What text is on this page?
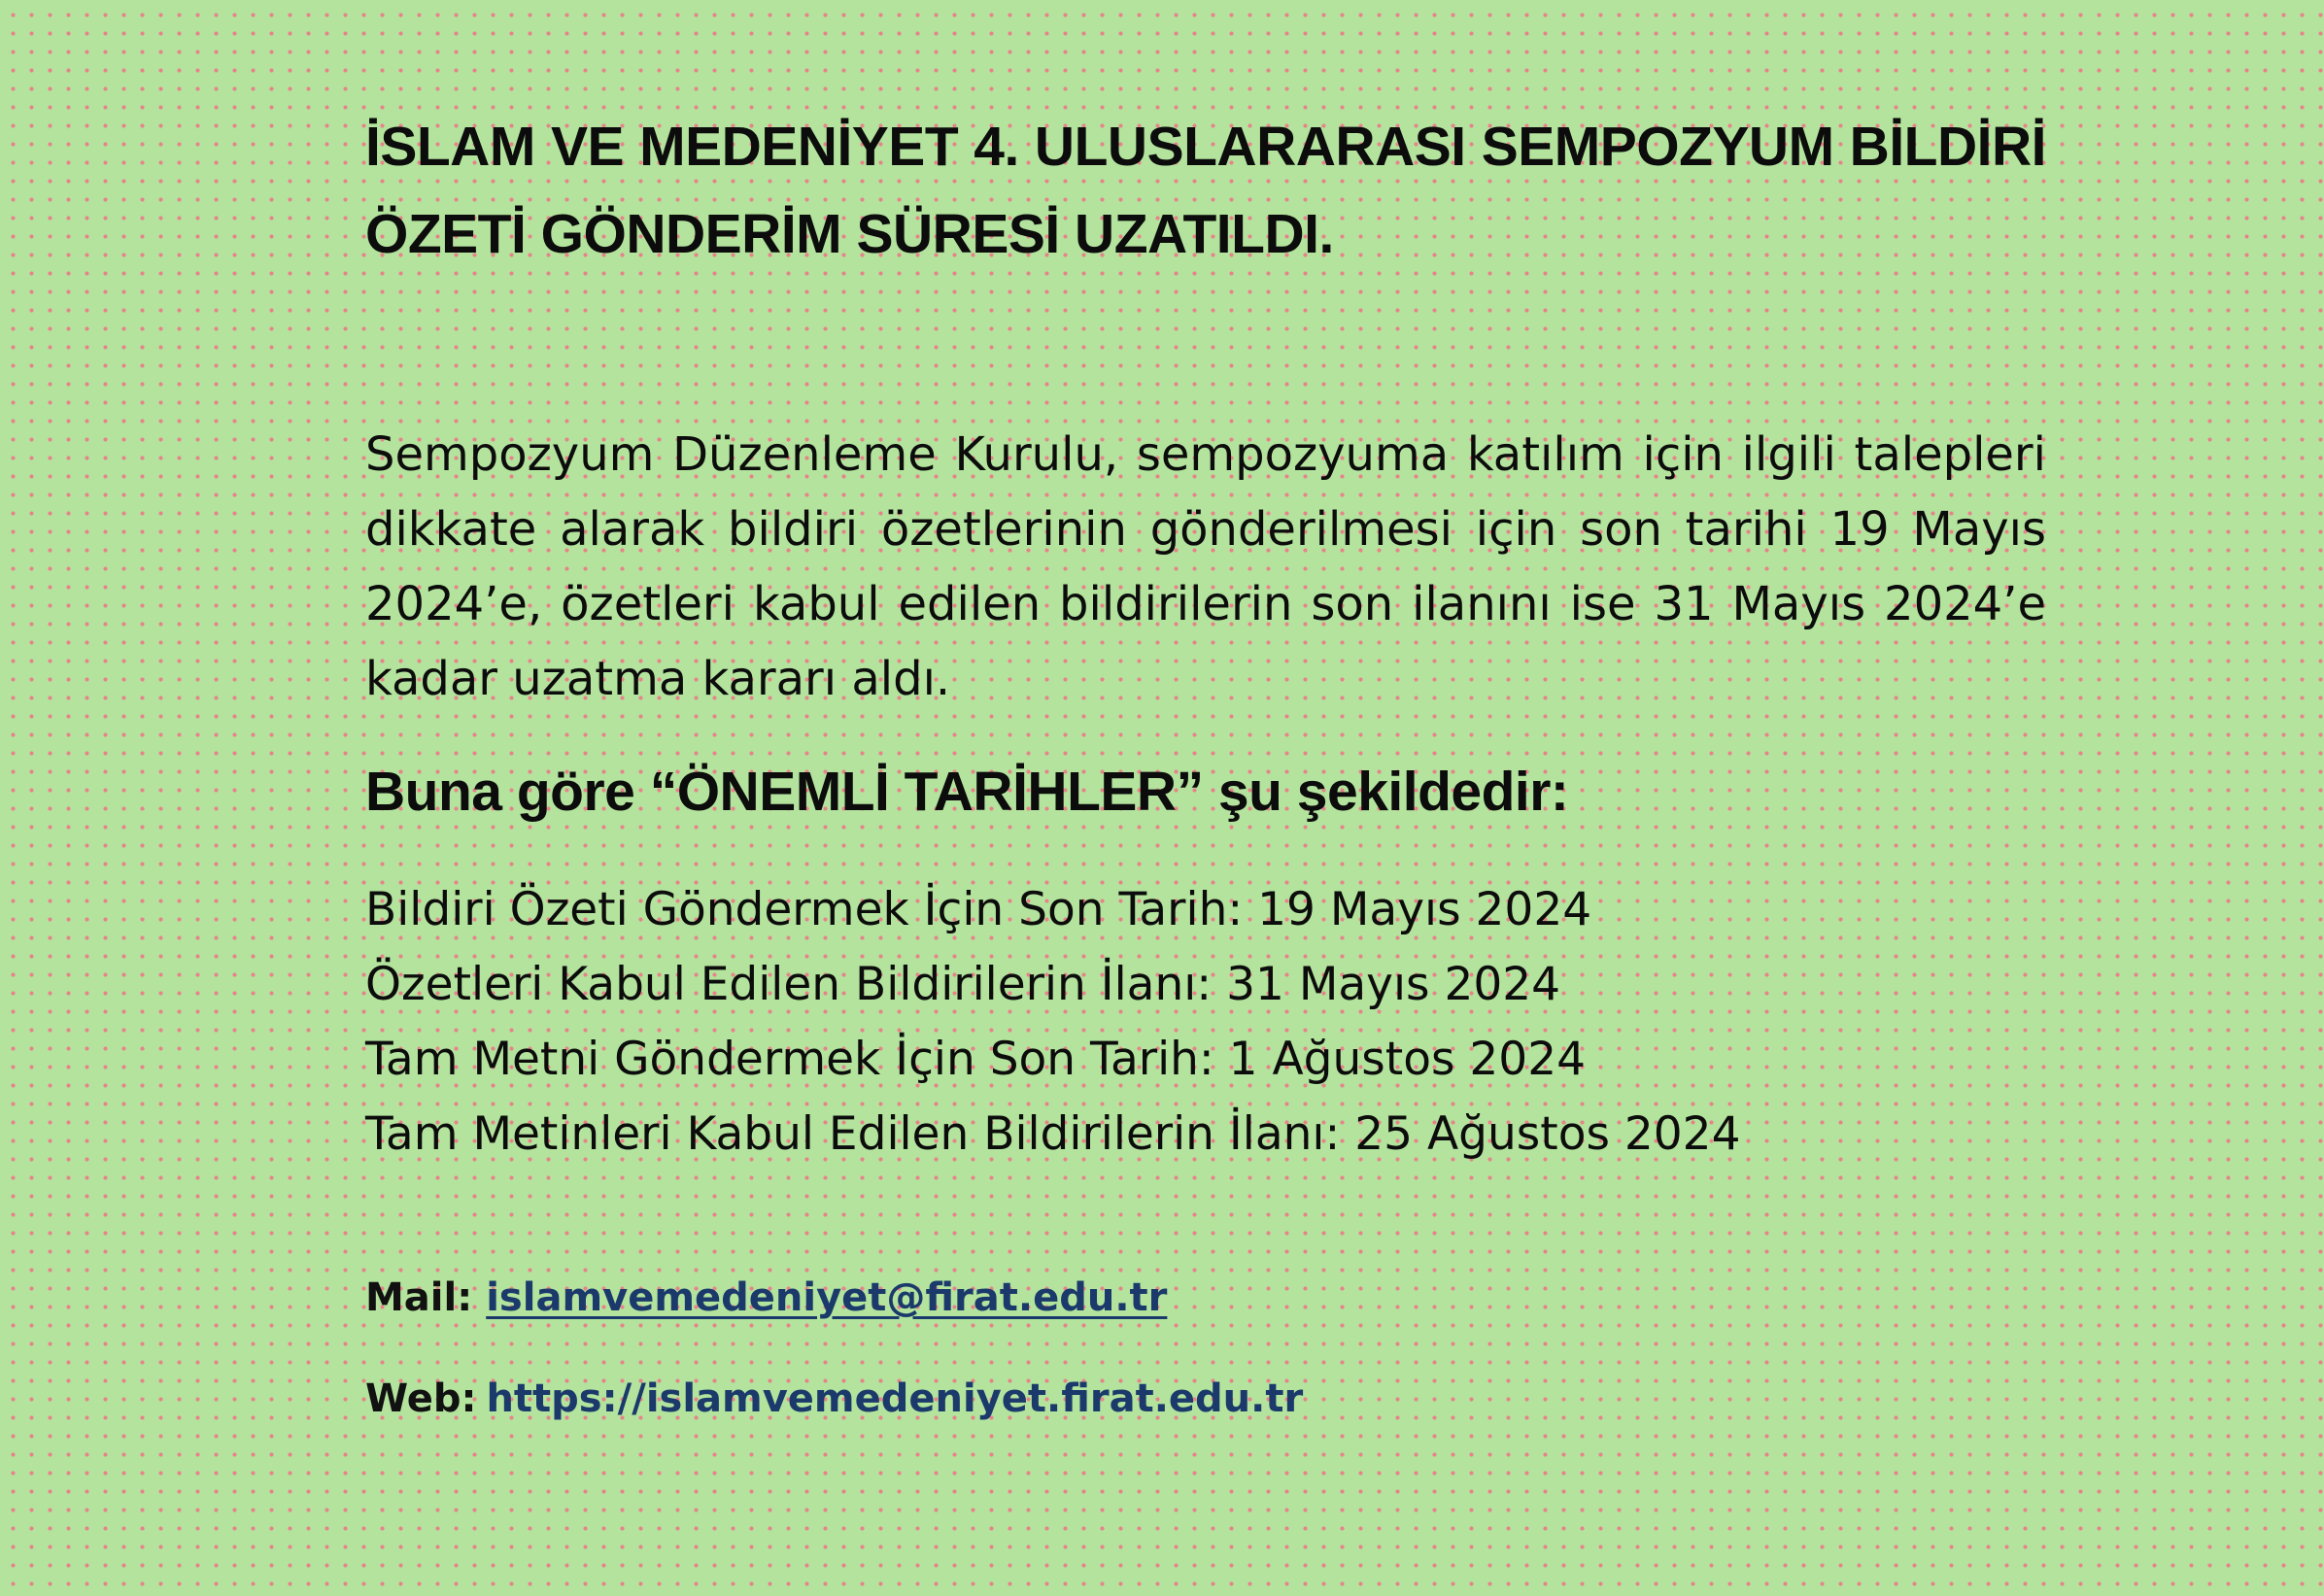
İSLAM VE MEDENİYET 4. ULUSLARARASI SEMPOZYUM BİLDİRİ ÖZETİ GÖNDERİM SÜRESİ UZATILDI.

Sempozyum Düzenleme Kurulu, sempozyuma katılım için ilgili talepleri dikkate alarak bildiri özetlerinin gönderilmesi için son tarihi 19 Mayıs 2024’e, özetleri kabul edilen bildirilerin son ilanını ise 31 Mayıs 2024’e kadar uzatma kararı aldı.

Buna göre “ÖNEMLİ TARİHLER” şu şekildedir:
Bildiri Özeti Göndermek İçin Son Tarih: 19 Mayıs 2024
Özetleri Kabul Edilen Bildirilerin İlanı: 31 Mayıs 2024
Tam Metni Göndermek İçin Son Tarih: 1 Ağustos 2024
Tam Metinleri Kabul Edilen Bildirilerin İlanı: 25 Ağustos 2024
Mail: islamvemedeniyet@firat.edu.tr
Web: https://islamvemedeniyet.firat.edu.tr
